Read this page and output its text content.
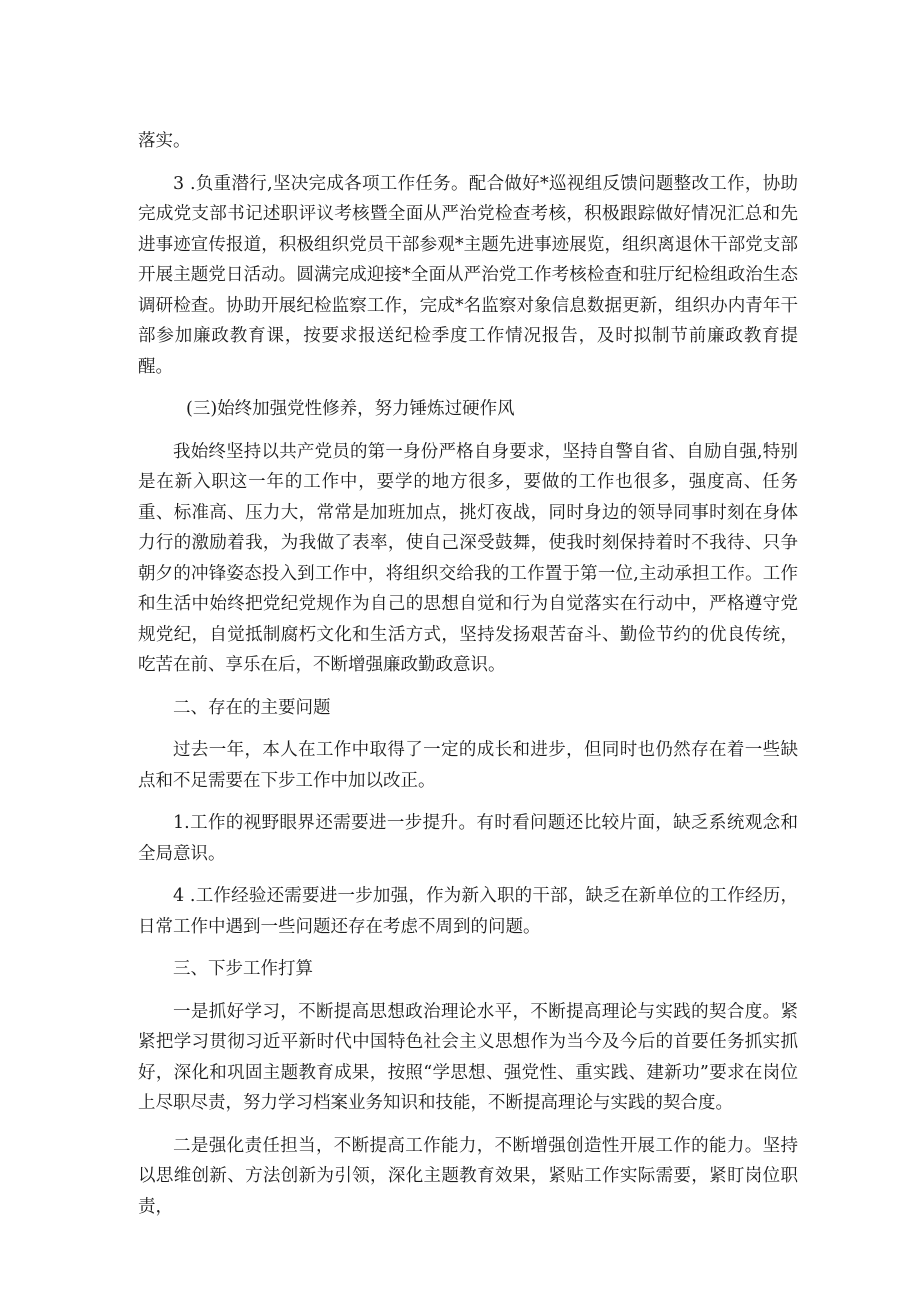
落实。

3 .负重潜行,坚决完成各项工作任务。配合做好*巡视组反馈问题整改工作，协助完成党支部书记述职评议考核暨全面从严治党检查考核，积极跟踪做好情况汇总和先进事迹宣传报道，积极组织党员干部参观*主题先进事迹展览，组织离退休干部党支部开展主题党日活动。圆满完成迎接*全面从严治党工作考核检查和驻厅纪检组政治生态调研检查。协助开展纪检监察工作，完成*名监察对象信息数据更新，组织办内青年干部参加廉政教育课，按要求报送纪检季度工作情况报告，及时拟制节前廉政教育提醒。

(三)始终加强党性修养，努力锤炼过硬作风

我始终坚持以共产党员的第一身份严格自身要求，坚持自警自省、自励自强,特别是在新入职这一年的工作中，要学的地方很多，要做的工作也很多，强度高、任务重、标准高、压力大，常常是加班加点，挑灯夜战，同时身边的领导同事时刻在身体力行的激励着我，为我做了表率，使自己深受鼓舞，使我时刻保持着时不我待、只争朝夕的冲锋姿态投入到工作中，将组织交给我的工作置于第一位,主动承担工作。工作和生活中始终把党纪党规作为自己的思想自觉和行为自觉落实在行动中，严格遵守党规党纪，自觉抵制腐朽文化和生活方式，坚持发扬艰苦奋斗、勤俭节约的优良传统，吃苦在前、享乐在后，不断增强廉政勤政意识。

二、存在的主要问题

过去一年，本人在工作中取得了一定的成长和进步，但同时也仍然存在着一些缺点和不足需要在下步工作中加以改正。

1.工作的视野眼界还需要进一步提升。有时看问题还比较片面，缺乏系统观念和全局意识。

4 .工作经验还需要进一步加强，作为新入职的干部，缺乏在新单位的工作经历，日常工作中遇到一些问题还存在考虑不周到的问题。

三、下步工作打算

一是抓好学习，不断提高思想政治理论水平，不断提高理论与实践的契合度。紧紧把学习贯彻习近平新时代中国特色社会主义思想作为当今及今后的首要任务抓实抓好，深化和巩固主题教育成果，按照“学思想、强党性、重实践、建新功”要求在岗位上尽职尽责，努力学习档案业务知识和技能，不断提高理论与实践的契合度。

二是强化责任担当，不断提高工作能力，不断增强创造性开展工作的能力。坚持以思维创新、方法创新为引领，深化主题教育效果，紧贴工作实际需要，紧盯岗位职责，
